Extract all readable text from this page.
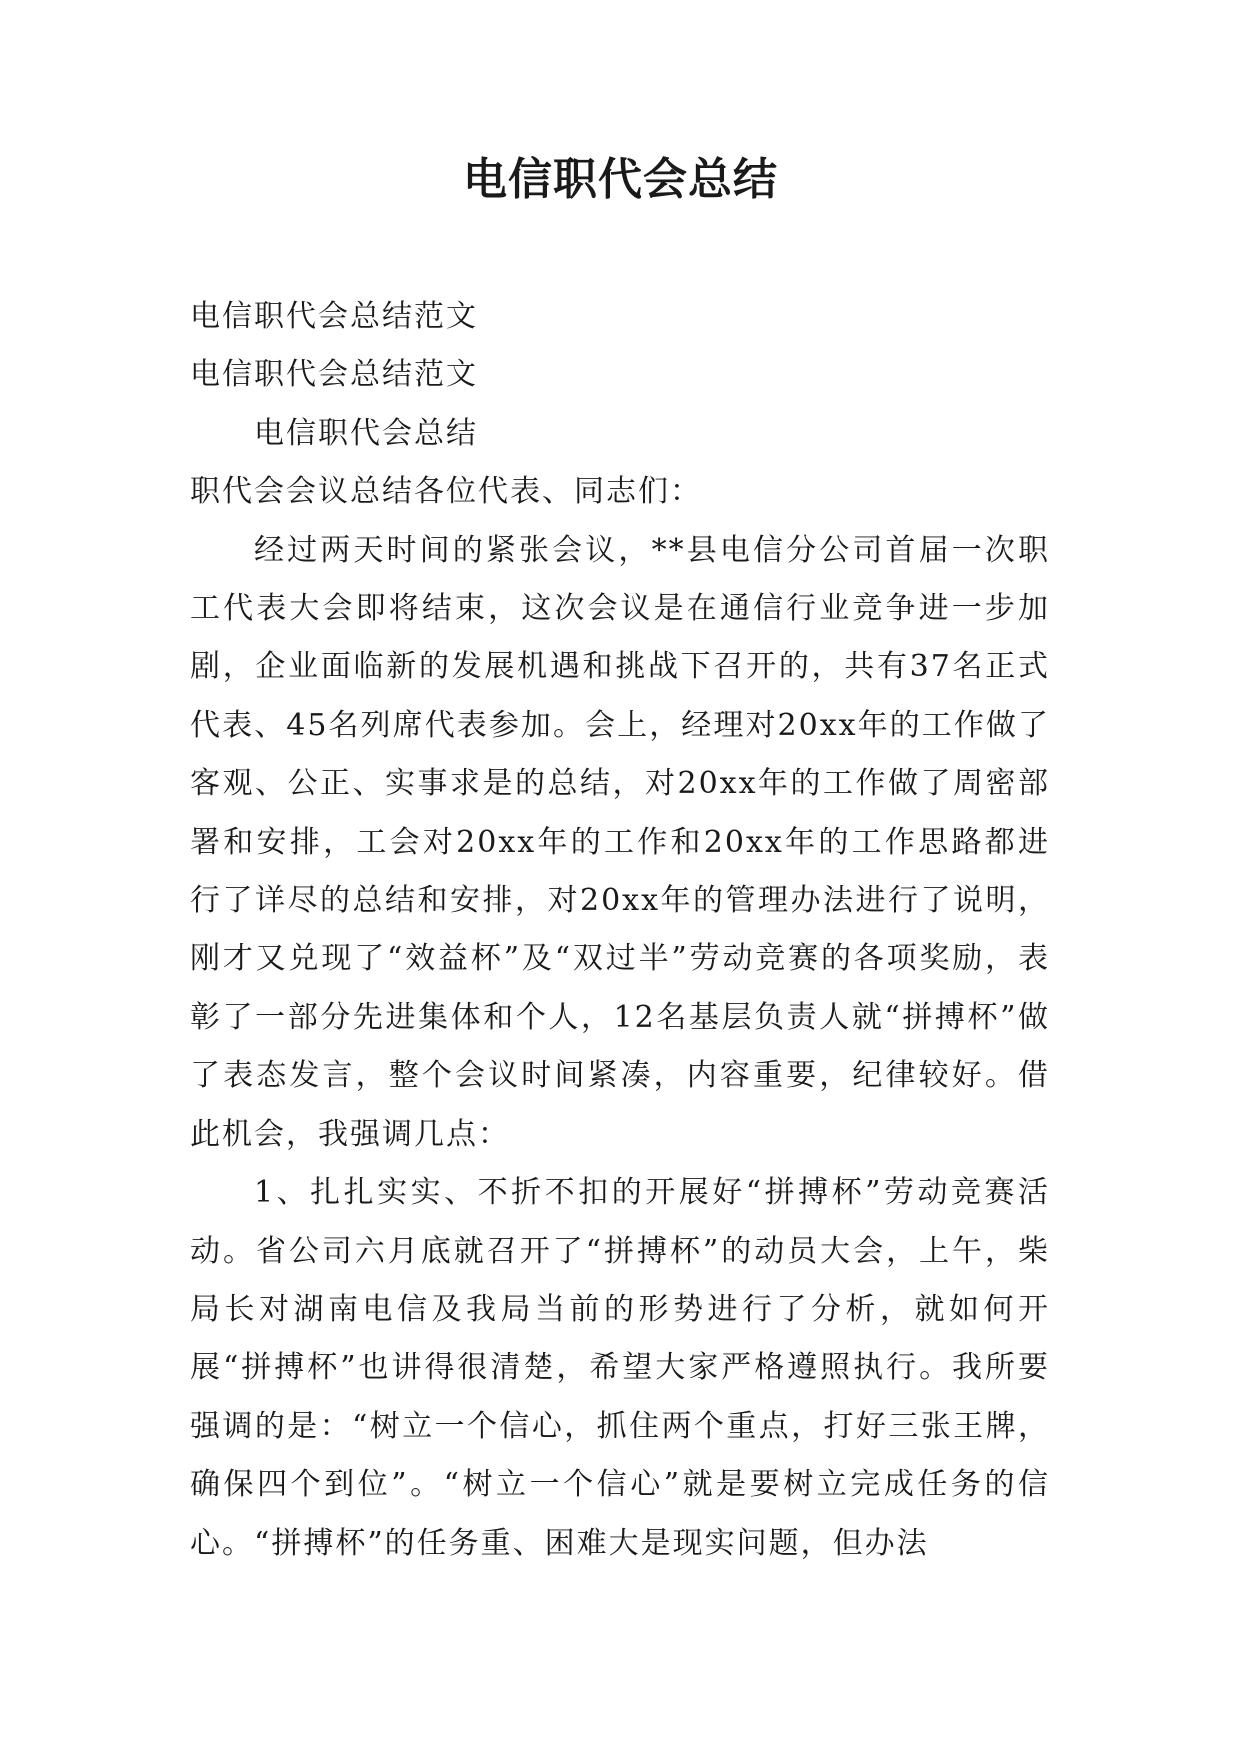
电信职代会总结

电信职代会总结范文

电信职代会总结范文

电信职代会总结

职代会会议总结各位代表、同志们：

经过两天时间的紧张会议，**县电信分公司首届一次职工代表大会即将结束，这次会议是在通信行业竞争进一步加剧，企业面临新的发展机遇和挑战下召开的，共有37名正式代表、45名列席代表参加。会上，经理对20xx年的工作做了客观、公正、实事求是的总结，对20xx年的工作做了周密部署和安排，工会对20xx年的工作和20xx年的工作思路都进行了详尽的总结和安排，对20xx年的管理办法进行了说明，刚才又兑现了“效益杯”及“双过半”劳动竞赛的各项奖励，表彰了一部分先进集体和个人，12名基层负责人就“拼搏杯”做了表态发言，整个会议时间紧凑，内容重要，纪律较好。借此机会，我强调几点：

1、扎扎实实、不折不扣的开展好“拼搏杯”劳动竞赛活动。省公司六月底就召开了“拼搏杯”的动员大会，上午，柴局长对湖南电信及我局当前的形势进行了分析，就如何开展“拼搏杯”也讲得很清楚，希望大家严格遵照执行。我所要强调的是：“树立一个信心，抓住两个重点，打好三张王牌，确保四个到位”。“树立一个信心”就是要树立完成任务的信心。“拼搏杯”的任务重、困难大是现实问题，但办法
